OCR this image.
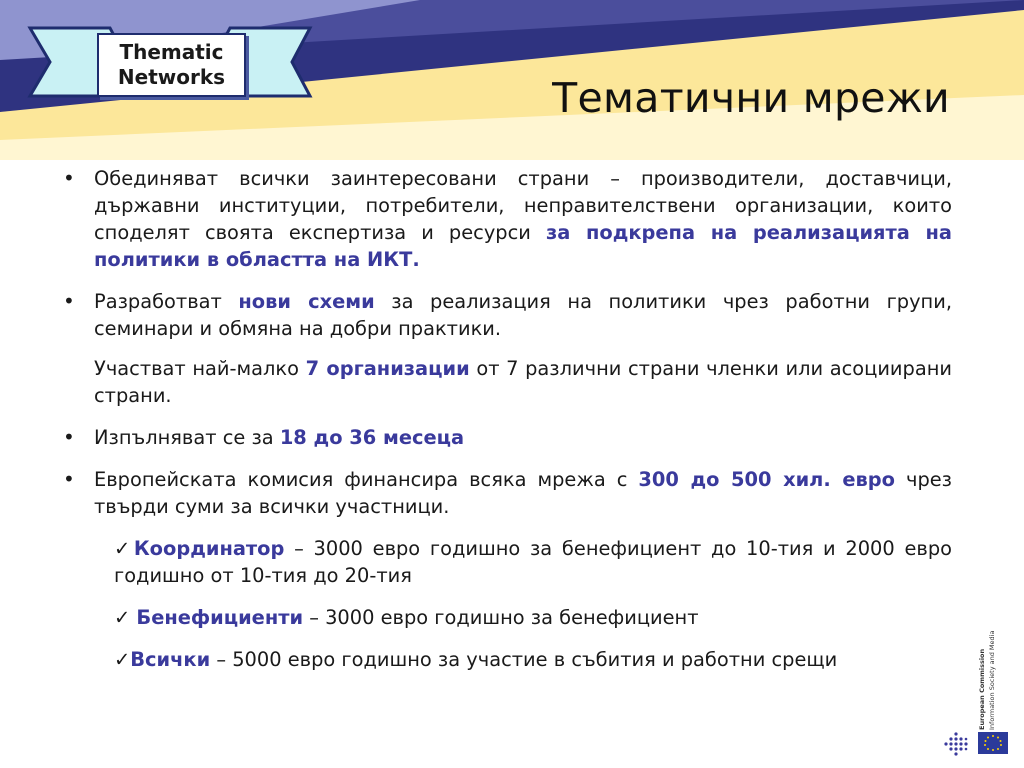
Thematic
Networks	Тематични мрежи
• Обединяват всички заинтересовани страни – производители, доставчици, държавни институции, потребители, неправителствени организации, които споделят своята експертиза и ресурси за подкрепа на реализацията на политики в областта на ИКТ.
• Разработват нови схеми за реализация на политики чрез работни групи, семинари и обмяна на добри практики.
Участват най-малко 7 организации от 7 различни страни членки или асоциирани страни.
• Изпълняват се за 18 до 36 месеца
• Европейската комисия финансира всяка мрежа с 300 до 500 хил. евро чрез твърди суми за всички участници.
✓Координатор – 3000 евро годишно за бенефициент до 10-тия и 2000 евро    годишно от 10-тия до 20-тия
✓ Бенефициенти – 3000 евро годишно за бенефициент
✓Всички – 5000 евро годишно за участие в събития и работни срещи	European Commission Information Society and Media
